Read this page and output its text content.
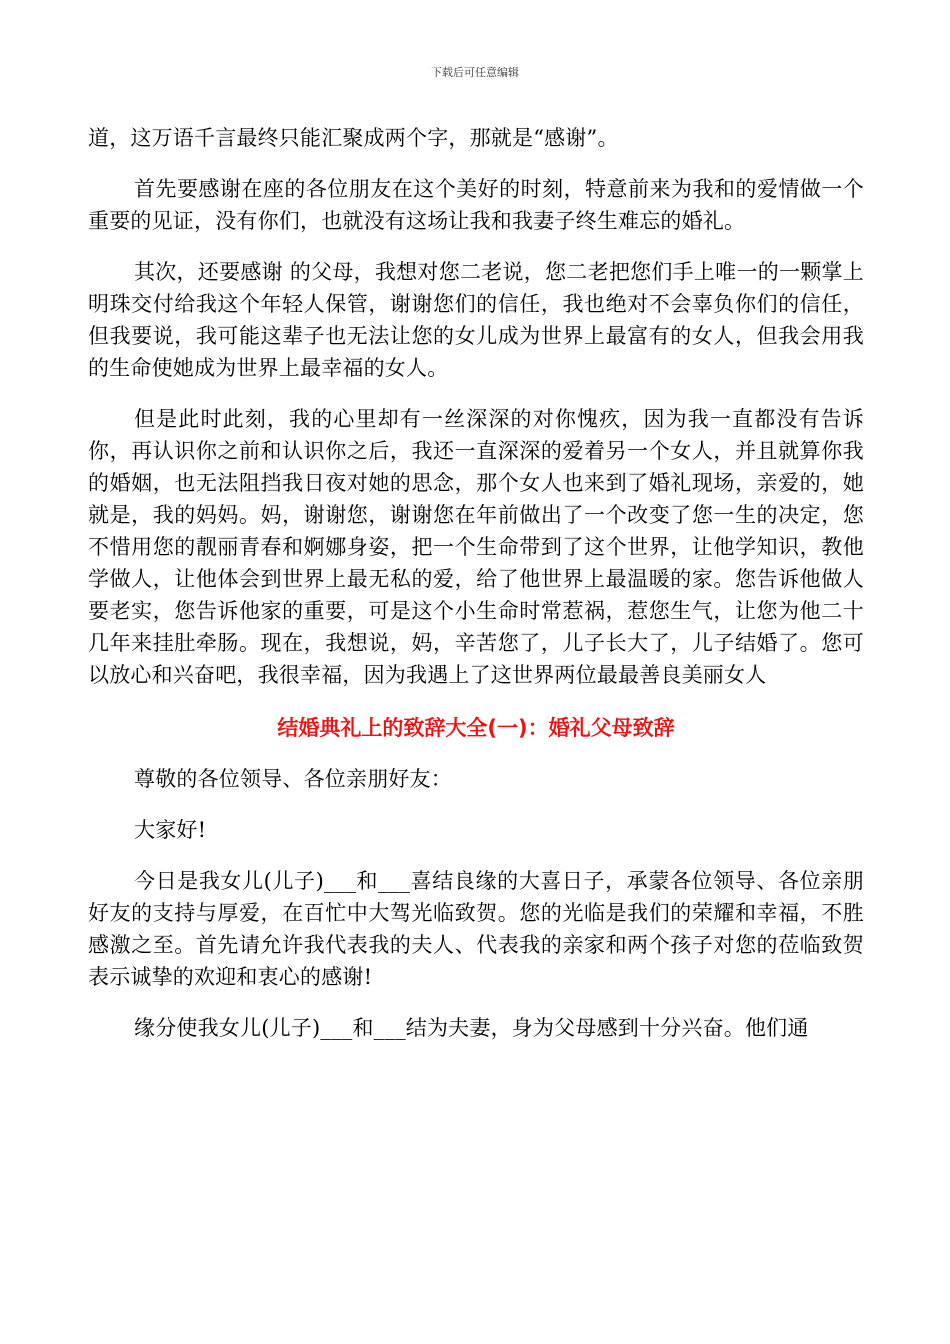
下载后可任意编辑

道，这万语千言最终只能汇聚成两个字，那就是“感谢”。

首先要感谢在座的各位朋友在这个美好的时刻，特意前来为我和的爱情做一个重要的见证，没有你们，也就没有这场让我和我妻子终生难忘的婚礼。

其次，还要感谢 的父母，我想对您二老说，您二老把您们手上唯一的一颗掌上明珠交付给我这个年轻人保管，谢谢您们的信任，我也绝对不会辜负你们的信任，但我要说，我可能这辈子也无法让您的女儿成为世界上最富有的女人，但我会用我的生命使她成为世界上最幸福的女人。

但是此时此刻，我的心里却有一丝深深的对你愧疚，因为我一直都没有告诉你，再认识你之前和认识你之后，我还一直深深的爱着另一个女人，并且就算你我的婚姻，也无法阻挡我日夜对她的思念，那个女人也来到了婚礼现场，亲爱的，她就是，我的妈妈。妈，谢谢您，谢谢您在年前做出了一个改变了您一生的决定，您不惜用您的靓丽青春和婀娜身姿，把一个生命带到了这个世界，让他学知识，教他学做人，让他体会到世界上最无私的爱，给了他世界上最温暖的家。您告诉他做人要老实，您告诉他家的重要，可是这个小生命时常惹祸，惹您生气，让您为他二十几年来挂肚牵肠。现在，我想说，妈，辛苦您了，儿子长大了，儿子结婚了。您可以放心和兴奋吧，我很幸福，因为我遇上了这世界两位最最善良美丽女人

结婚典礼上的致辞大全(一)：婚礼父母致辞

尊敬的各位领导、各位亲朋好友：

大家好!

今日是我女儿(儿子)___和___喜结良缘的大喜日子，承蒙各位领导、各位亲朋好友的支持与厚爱，在百忙中大驾光临致贺。您的光临是我们的荣耀和幸福，不胜感激之至。首先请允许我代表我的夫人、代表我的亲家和两个孩子对您的莅临致贺表示诚挚的欢迎和衷心的感谢!

缘分使我女儿(儿子)___和___结为夫妻，身为父母感到十分兴奋。他们通
